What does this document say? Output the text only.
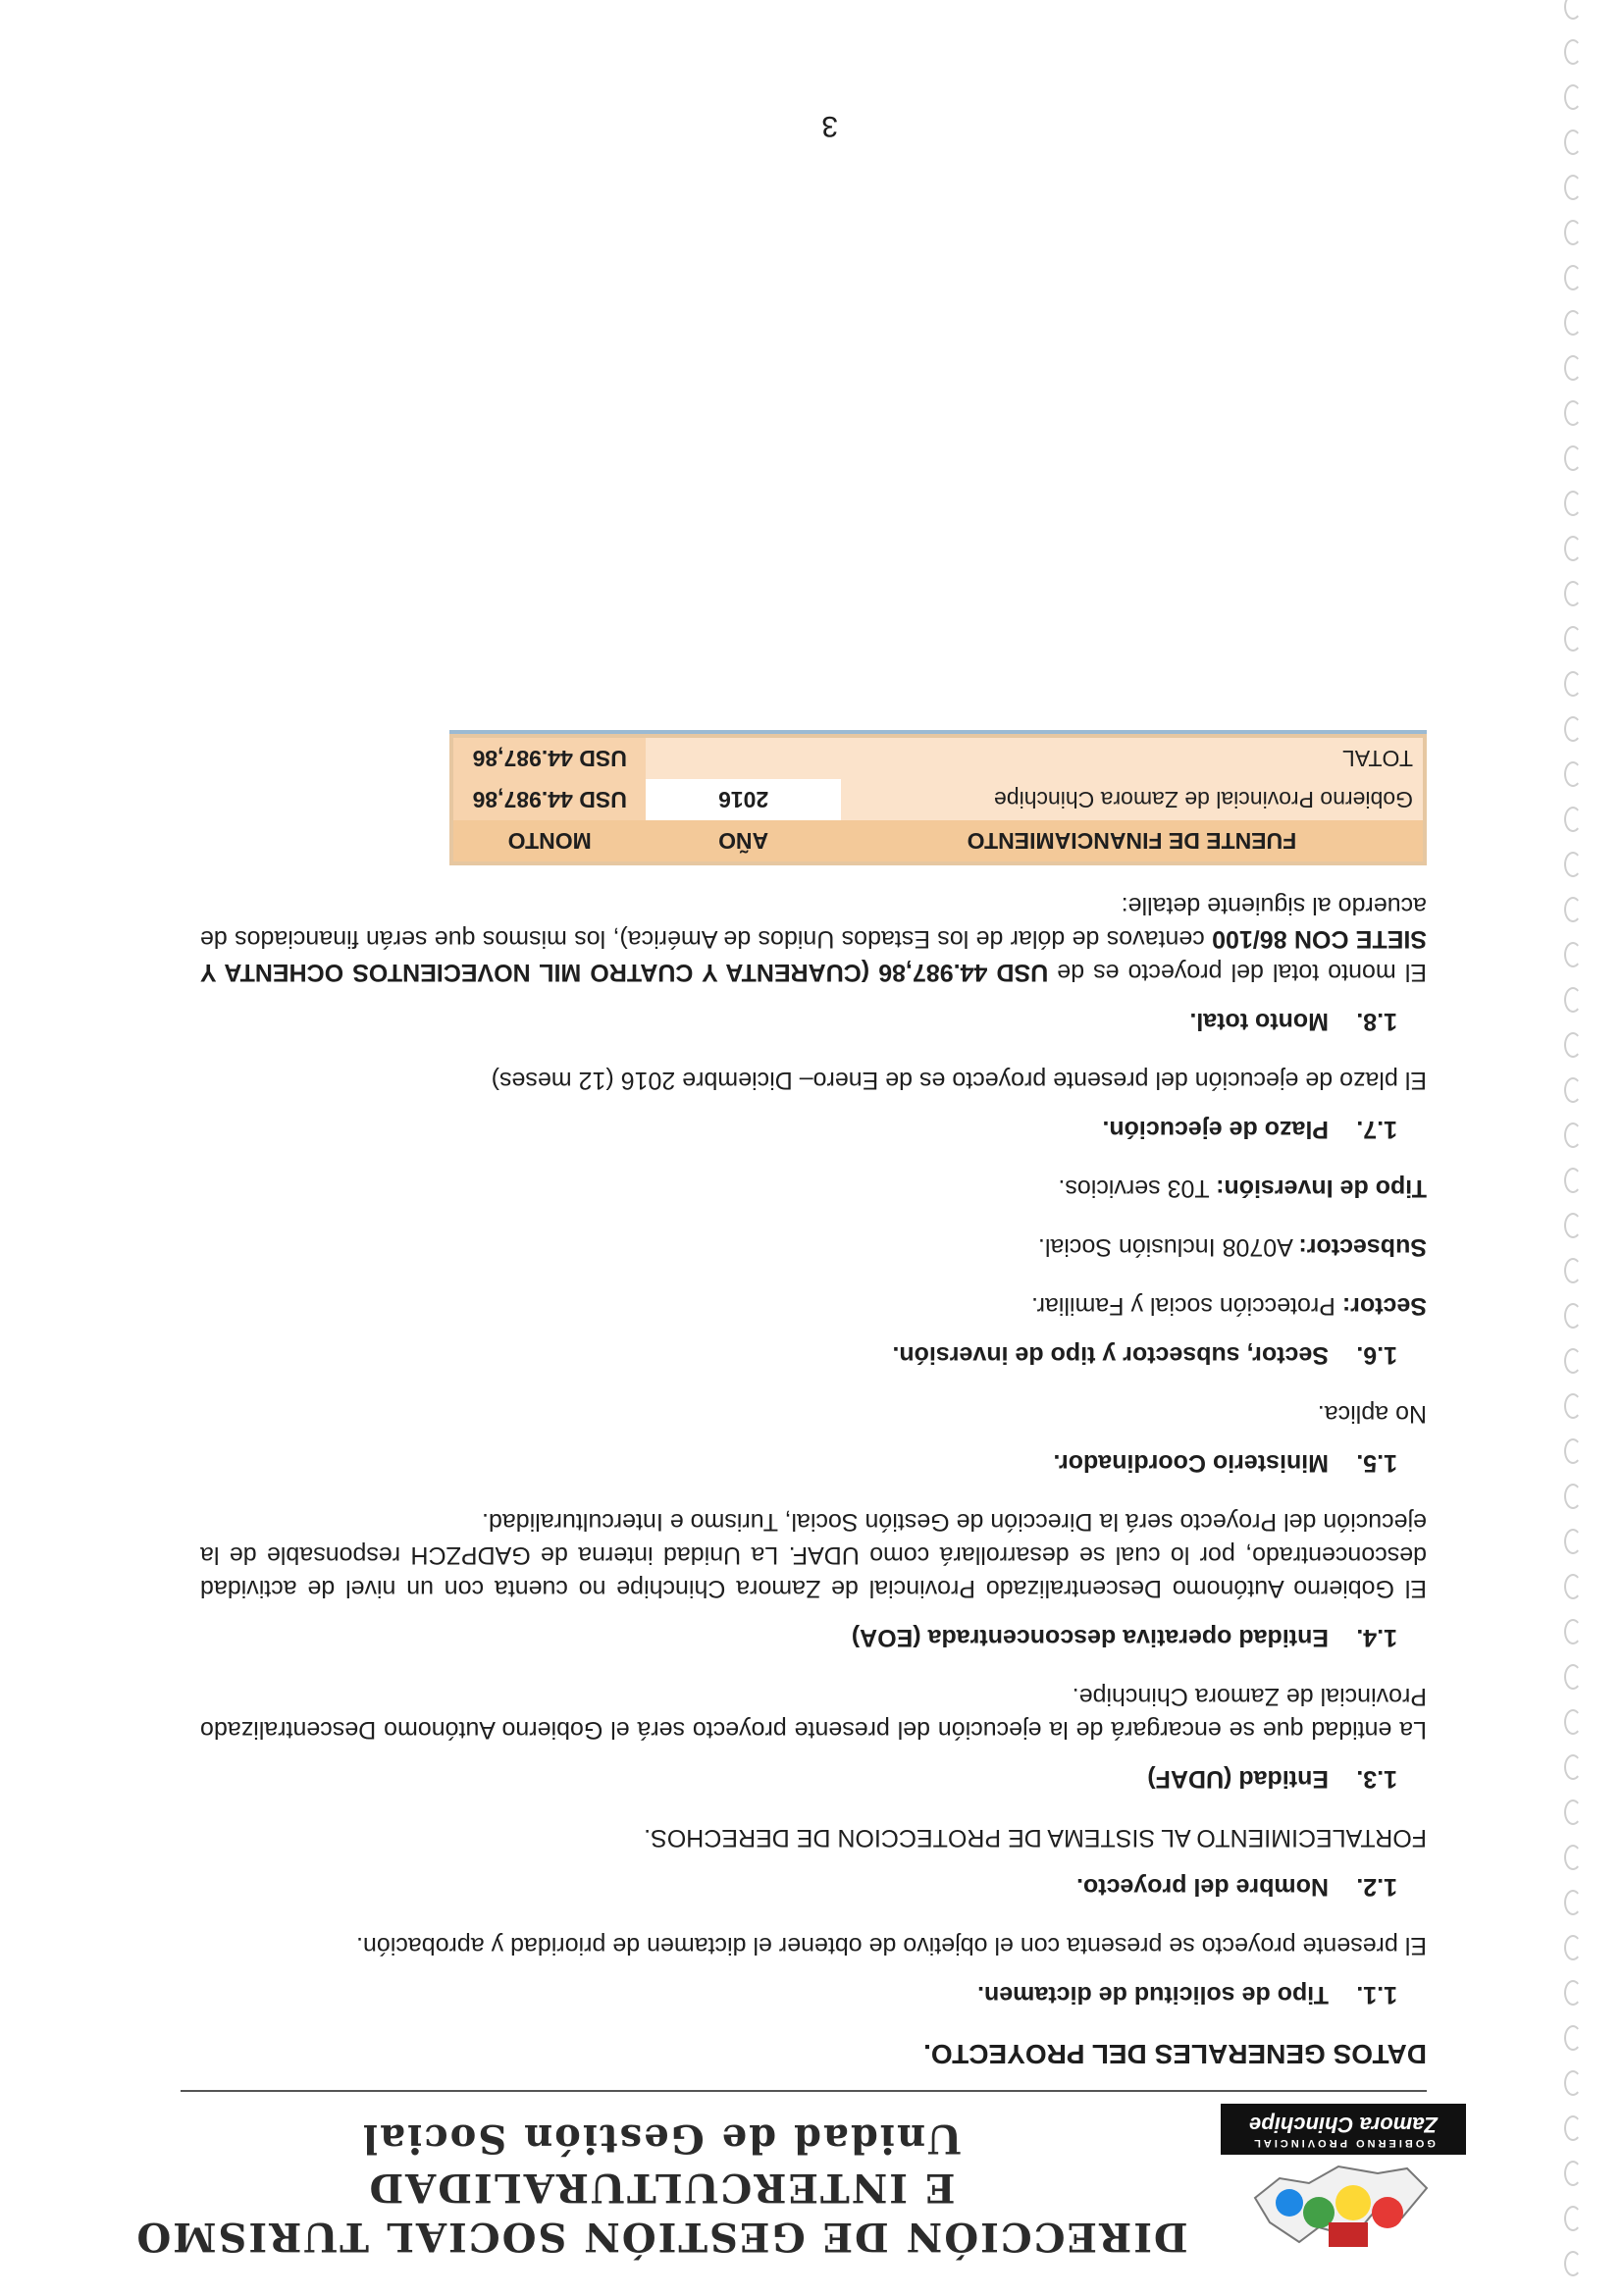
GOBIERNO PROVINCIAL
Zamora Chinchipe
DIRECCIÓN DE GESTIÓN SOCIAL TURISMO
E INTERCULTURALIDAD
Unidad de Gestión Social
DATOS GENERALES DEL PROYECTO.
1.1.Tipo de solicitud de dictamen.

El presente proyecto se presenta con el objetivo de obtener el dictamen de prioridad y aprobación.

1.2.Nombre del proyecto.

FORTALECIMIENTO AL SISTEMA DE PROTECCION DE DERECHOS.

1.3.Entidad (UDAF)

La entidad que se encargará de la ejecución del presente proyecto será el Gobierno Autónomo Descentralizado Provincial de Zamora Chinchipe.

1.4.Entidad operativa desconcentrada (EOA)

El Gobierno Autónomo Descentralizado Provincial de Zamora Chinchipe no cuenta con un nivel de actividad desconcentrado, por lo cual se desarrollará como UDAF. La Unidad interna de GADPZCH responsable de la ejecución del Proyecto será la Dirección de Gestión Social, Turismo e Interculturalidad.

1.5.Ministerio Coordinador.

No aplica.

1.6.Sector, subsector y tipo de inversión.

Sector: Protección social y Familiar.

Subsector: A0708 Inclusión Social.

Tipo de Inversión: T03 servicios.

1.7.Plazo de ejecución.

El plazo de ejecución del presente proyecto es de Enero– Diciembre 2016 (12 meses)

1.8.Monto total.

El monto total del proyecto es de USD 44.987,86 (CUARENTA Y CUATRO MIL NOVECIENTOS OCHENTA Y SIETE CON 86/100 centavos de dólar de los Estados Unidos de América), los mismos que serán financiados de acuerdo al siguiente detalle:

FUENTE DE FINANCIAMIENTO	AÑO	MONTO
Gobierno Provincial de Zamora Chinchipe	2016	USD 44.987,86
TOTAL		USD 44.987,86
3
